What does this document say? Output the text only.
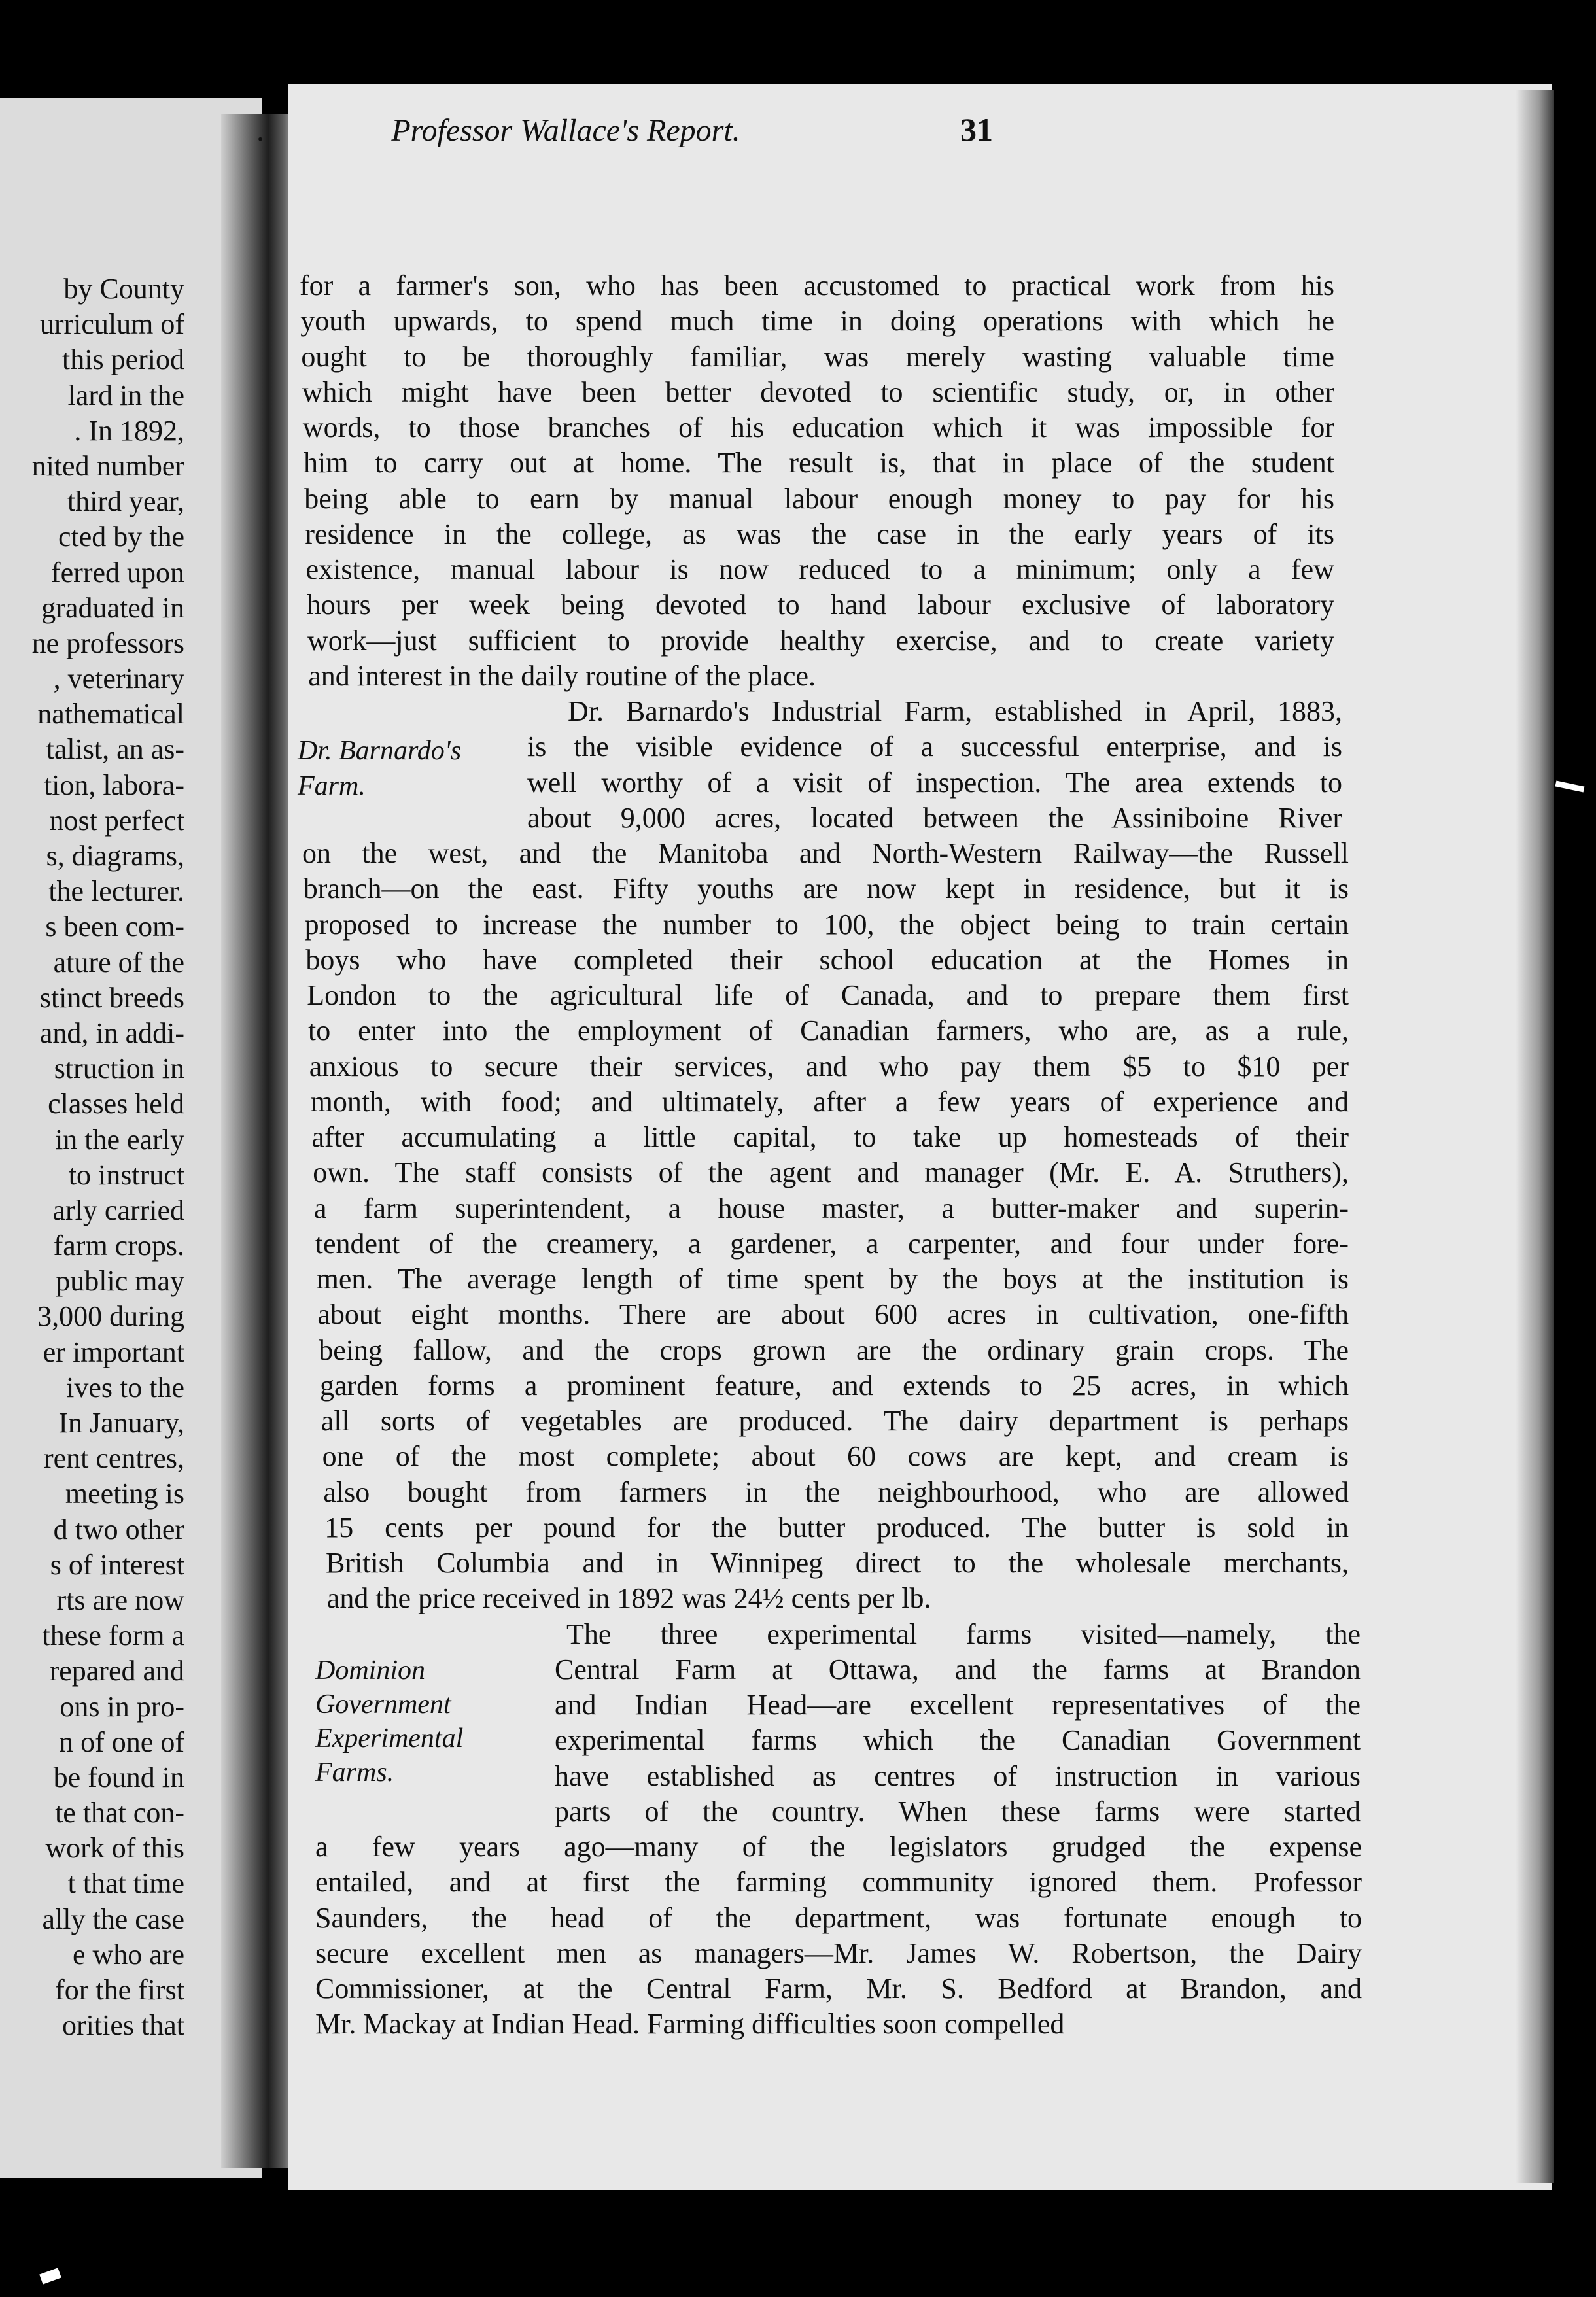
by County
urriculum of
this period
lard in the
. In 1892,
nited number
third year,
cted by the
ferred upon
graduated in
ne professors
, veterinary
nathematical
talist, an as-
tion, labora-
nost perfect
s, diagrams,
the lecturer.
s been com-
ature of the
stinct breeds
and, in addi-
struction in
classes held
in the early
to instruct
arly carried
farm crops.
public may
3,000 during
er important
ives to the
In January,
rent centres,
meeting is
d two other
s of interest
rts are now
these form a
repared and
ons in pro-
n of one of
be found in
te that con-
work of this
t that time
ally the case
e who are
for the first
orities that
.	Professor Wallace's Report.	31
Dr. Barnardo's
Farm.
Dominion
Government
Experimental
Farms.
for a farmer's son, who has been accustomed to practical work from his
youth upwards, to spend much time in doing operations with which he
ought to be thoroughly familiar, was merely wasting valuable time
which might have been better devoted to scientific study, or, in other
words, to those branches of his education which it was impossible for
him to carry out at home. The result is, that in place of the student
being able to earn by manual labour enough money to pay for his
residence in the college, as was the case in the early years of its
existence, manual labour is now reduced to a minimum; only a few
hours per week being devoted to hand labour exclusive of laboratory
work—just sufficient to provide healthy exercise, and to create variety
and interest in the daily routine of the place.
Dr. Barnardo's Industrial Farm, established in April, 1883,
is the visible evidence of a successful enterprise, and is
well worthy of a visit of inspection. The area extends to
about 9,000 acres, located between the Assiniboine River
on the west, and the Manitoba and North-Western Railway—the Russell
branch—on the east. Fifty youths are now kept in residence, but it is
proposed to increase the number to 100, the object being to train certain
boys who have completed their school education at the Homes in
London to the agricultural life of Canada, and to prepare them first
to enter into the employment of Canadian farmers, who are, as a rule,
anxious to secure their services, and who pay them $5 to $10 per
month, with food; and ultimately, after a few years of experience and
after accumulating a little capital, to take up homesteads of their
own. The staff consists of the agent and manager (Mr. E. A. Struthers),
a farm superintendent, a house master, a butter-maker and superin-
tendent of the creamery, a gardener, a carpenter, and four under fore-
men. The average length of time spent by the boys at the institution is
about eight months. There are about 600 acres in cultivation, one-fifth
being fallow, and the crops grown are the ordinary grain crops. The
garden forms a prominent feature, and extends to 25 acres, in which
all sorts of vegetables are produced. The dairy department is perhaps
one of the most complete; about 60 cows are kept, and cream is
also bought from farmers in the neighbourhood, who are allowed
15 cents per pound for the butter produced. The butter is sold in
British Columbia and in Winnipeg direct to the wholesale merchants,
and the price received in 1892 was 24½ cents per lb.
The three experimental farms visited—namely, the
Central Farm at Ottawa, and the farms at Brandon
and Indian Head—are excellent representatives of the
experimental farms which the Canadian Government
have established as centres of instruction in various
parts of the country. When these farms were started
a few years ago—many of the legislators grudged the expense
entailed, and at first the farming community ignored them. Professor
Saunders, the head of the department, was fortunate enough to
secure excellent men as managers—Mr. James W. Robertson, the Dairy
Commissioner, at the Central Farm, Mr. S. Bedford at Brandon, and
Mr. Mackay at Indian Head. Farming difficulties soon compelled
